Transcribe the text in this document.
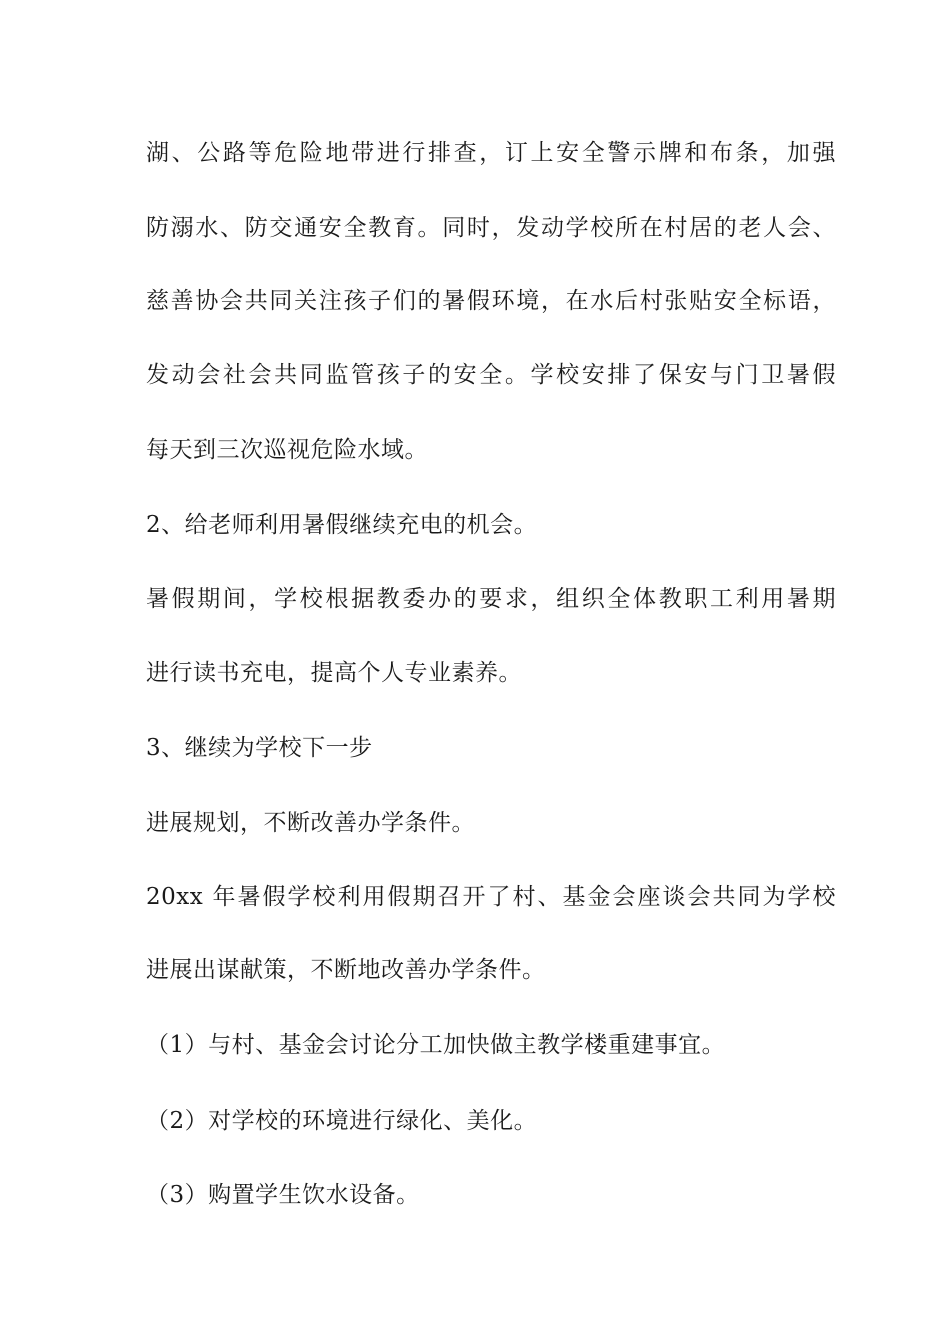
湖、公路等危险地带进行排查，订上安全警示牌和布条，加强
防溺水、防交通安全教育。同时，发动学校所在村居的老人会、
慈善协会共同关注孩子们的暑假环境，在水后村张贴安全标语，
发动会社会共同监管孩子的安全。学校安排了保安与门卫暑假
每天到三次巡视危险水域。
2、给老师利用暑假继续充电的机会。
暑假期间，学校根据教委办的要求，组织全体教职工利用暑期
进行读书充电，提高个人专业素养。
3、继续为学校下一步
进展规划，不断改善办学条件。
20xx 年暑假学校利用假期召开了村、基金会座谈会共同为学校
进展出谋献策，不断地改善办学条件。
（1）与村、基金会讨论分工加快做主教学楼重建事宜。
（2）对学校的环境进行绿化、美化。
（3）购置学生饮水设备。
